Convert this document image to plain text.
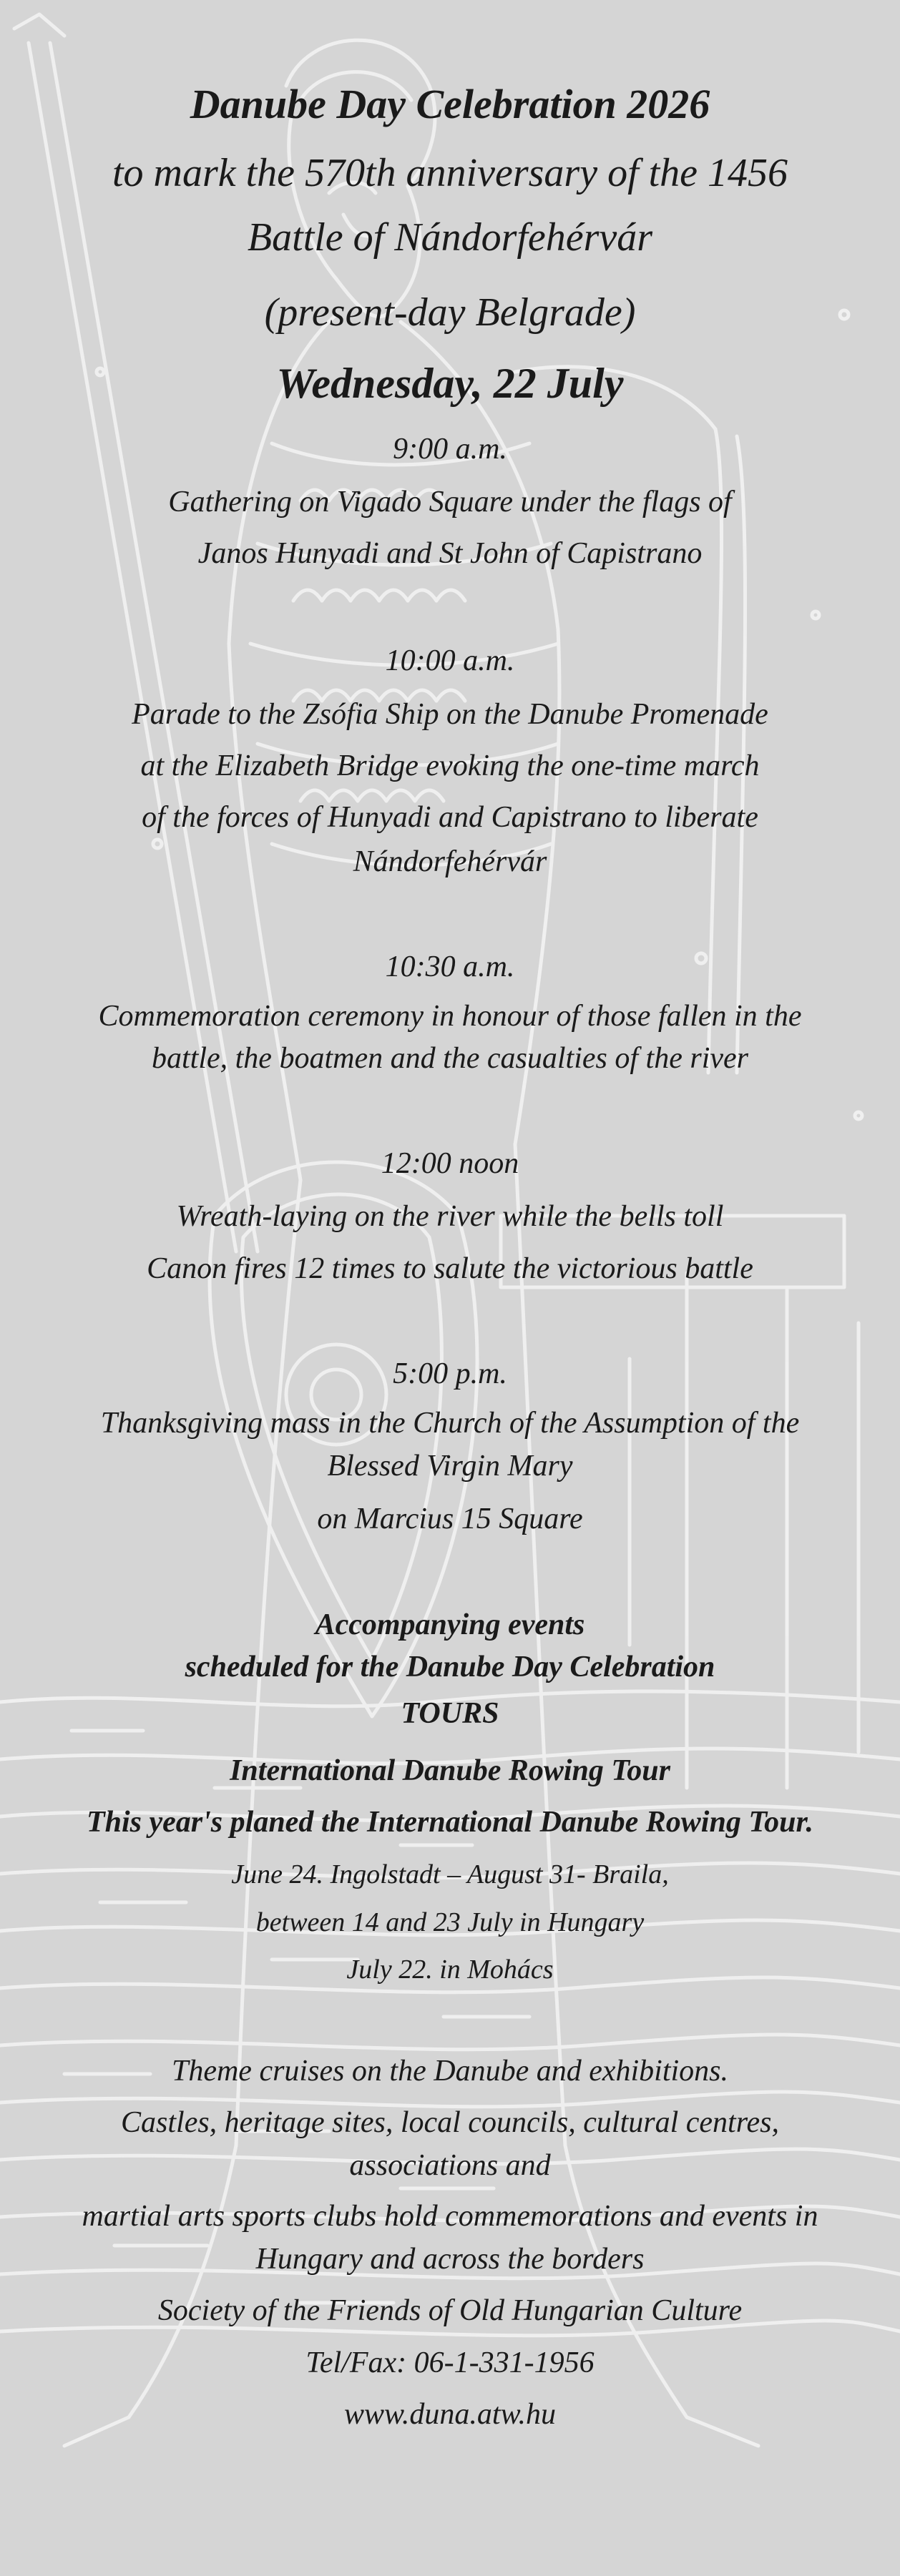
Danube Day Celebration 2026
to mark the 570th anniversary of the 1456
Battle of Nándorfehérvár
(present-day Belgrade)
Wednesday, 22 July
9:00 a.m.
Gathering on Vigado Square under the flags of
Janos Hunyadi and St John of Capistrano
10:00 a.m.
Parade to the Zsófia Ship on the Danube Promenade
at the Elizabeth Bridge evoking the one-time march
of the forces of Hunyadi and Capistrano to liberate
Nándorfehérvár
10:30 a.m.
Commemoration ceremony in honour of those fallen in the
battle, the boatmen and the casualties of the river
12:00 noon
Wreath-laying on the river while the bells toll
Canon fires 12 times to salute the victorious battle
5:00 p.m.
Thanksgiving mass in the Church of the Assumption of the
Blessed Virgin Mary
on Marcius 15 Square
Accompanying events
scheduled for the Danube Day Celebration
TOURS
International Danube Rowing Tour
This year's planed the International Danube Rowing Tour.
June 24. Ingolstadt – August 31- Braila,
between 14 and 23 July in Hungary
July 22. in Mohács
Theme cruises on the Danube and exhibitions.
Castles, heritage sites, local councils, cultural centres,
associations and
martial arts sports clubs hold commemorations and events in
Hungary and across the borders
Society of the Friends of Old Hungarian Culture
Tel/Fax: 06-1-331-1956
www.duna.atw.hu
